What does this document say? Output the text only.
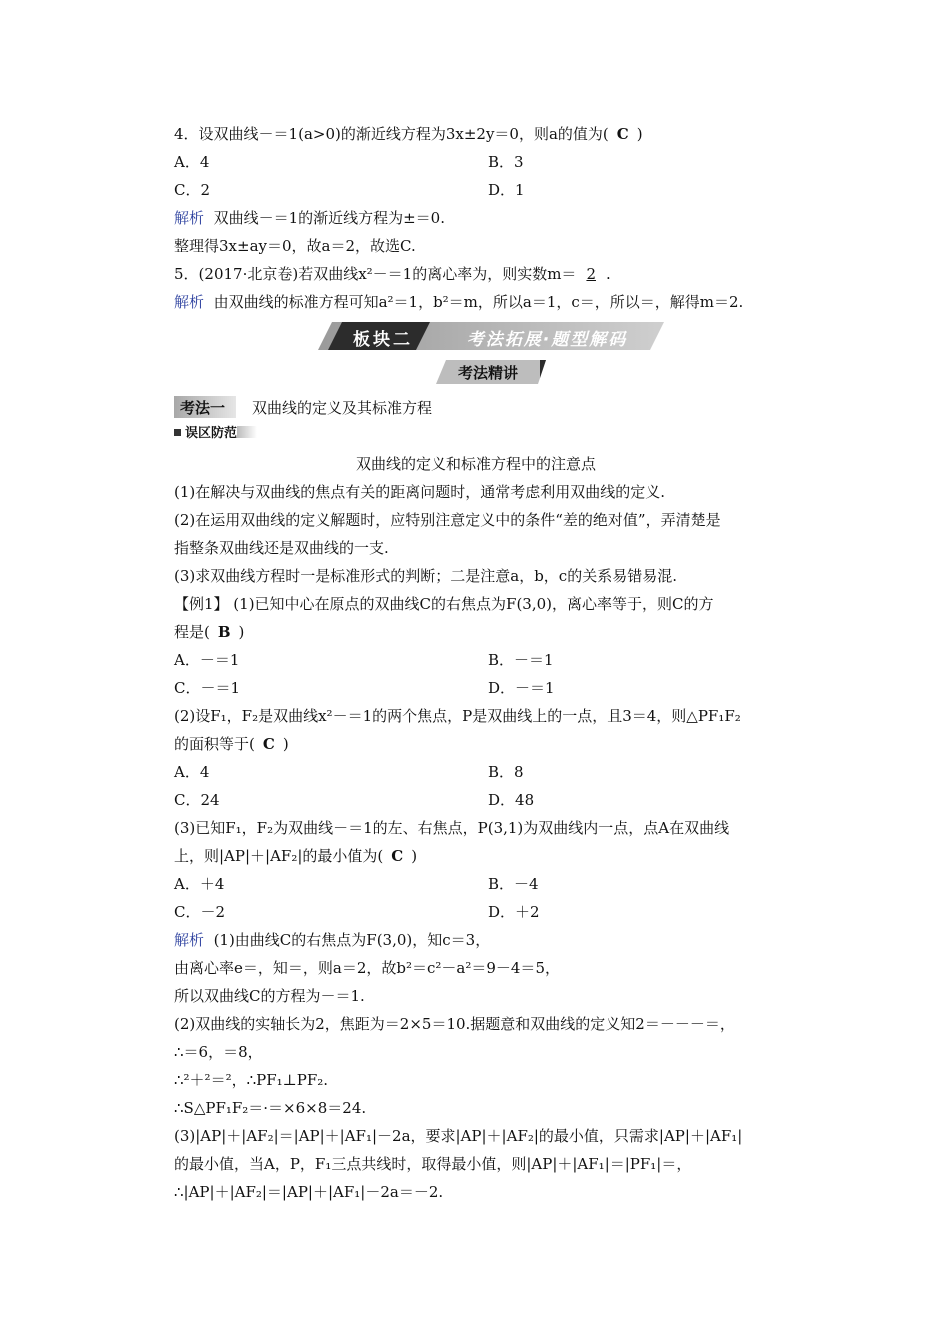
4．设双曲线－＝1(a>0)的渐近线方程为3x±2y＝0，则a的值为( C )
A．4	B．3
C．2	D．1
解析 双曲线－＝1的渐近线方程为±＝0.
整理得3x±ay＝0，故a＝2，故选C.
5．(2017·北京卷)若双曲线x²－＝1的离心率为，则实数m＝ 2 .
解析 由双曲线的标准方程可知a²＝1，b²＝m，所以a＝1，c＝，所以＝，解得m＝2.
板块二	考法拓展·题型解码
考法精讲
考法一 双曲线的定义及其标准方程
误区防范
双曲线的定义和标准方程中的注意点
(1)在解决与双曲线的焦点有关的距离问题时，通常考虑利用双曲线的定义.
(2)在运用双曲线的定义解题时，应特别注意定义中的条件“差的绝对值”，弄清楚是
指整条双曲线还是双曲线的一支.
(3)求双曲线方程时一是标准形式的判断；二是注意a，b，c的关系易错易混.
【例1】 (1)已知中心在原点的双曲线C的右焦点为F(3,0)，离心率等于，则C的方
程是( B )
A．－＝1	B．－＝1
C．－＝1	D．－＝1
(2)设F₁，F₂是双曲线x²－＝1的两个焦点，P是双曲线上的一点，且3＝4，则△PF₁F₂
的面积等于( C )
A．4	B．8
C．24	D．48
(3)已知F₁，F₂为双曲线－＝1的左、右焦点，P(3,1)为双曲线内一点，点A在双曲线
上，则|AP|＋|AF₂|的最小值为( C )
A．＋4	B．－4
C．－2	D．＋2
解析 (1)由曲线C的右焦点为F(3,0)，知c＝3，
由离心率e＝，知＝，则a＝2，故b²＝c²－a²＝9－4＝5，
所以双曲线C的方程为－＝1.
(2)双曲线的实轴长为2，焦距为＝2×5＝10.据题意和双曲线的定义知2＝－－－＝，
∴＝6，＝8，
∴²＋²＝²，∴PF₁⊥PF₂.
∴S△PF₁F₂＝·＝×6×8＝24.
(3)|AP|＋|AF₂|＝|AP|＋|AF₁|－2a，要求|AP|＋|AF₂|的最小值，只需求|AP|＋|AF₁|
的最小值，当A，P，F₁三点共线时，取得最小值，则|AP|＋|AF₁|＝|PF₁|＝，
∴|AP|＋|AF₂|＝|AP|＋|AF₁|－2a＝－2.
